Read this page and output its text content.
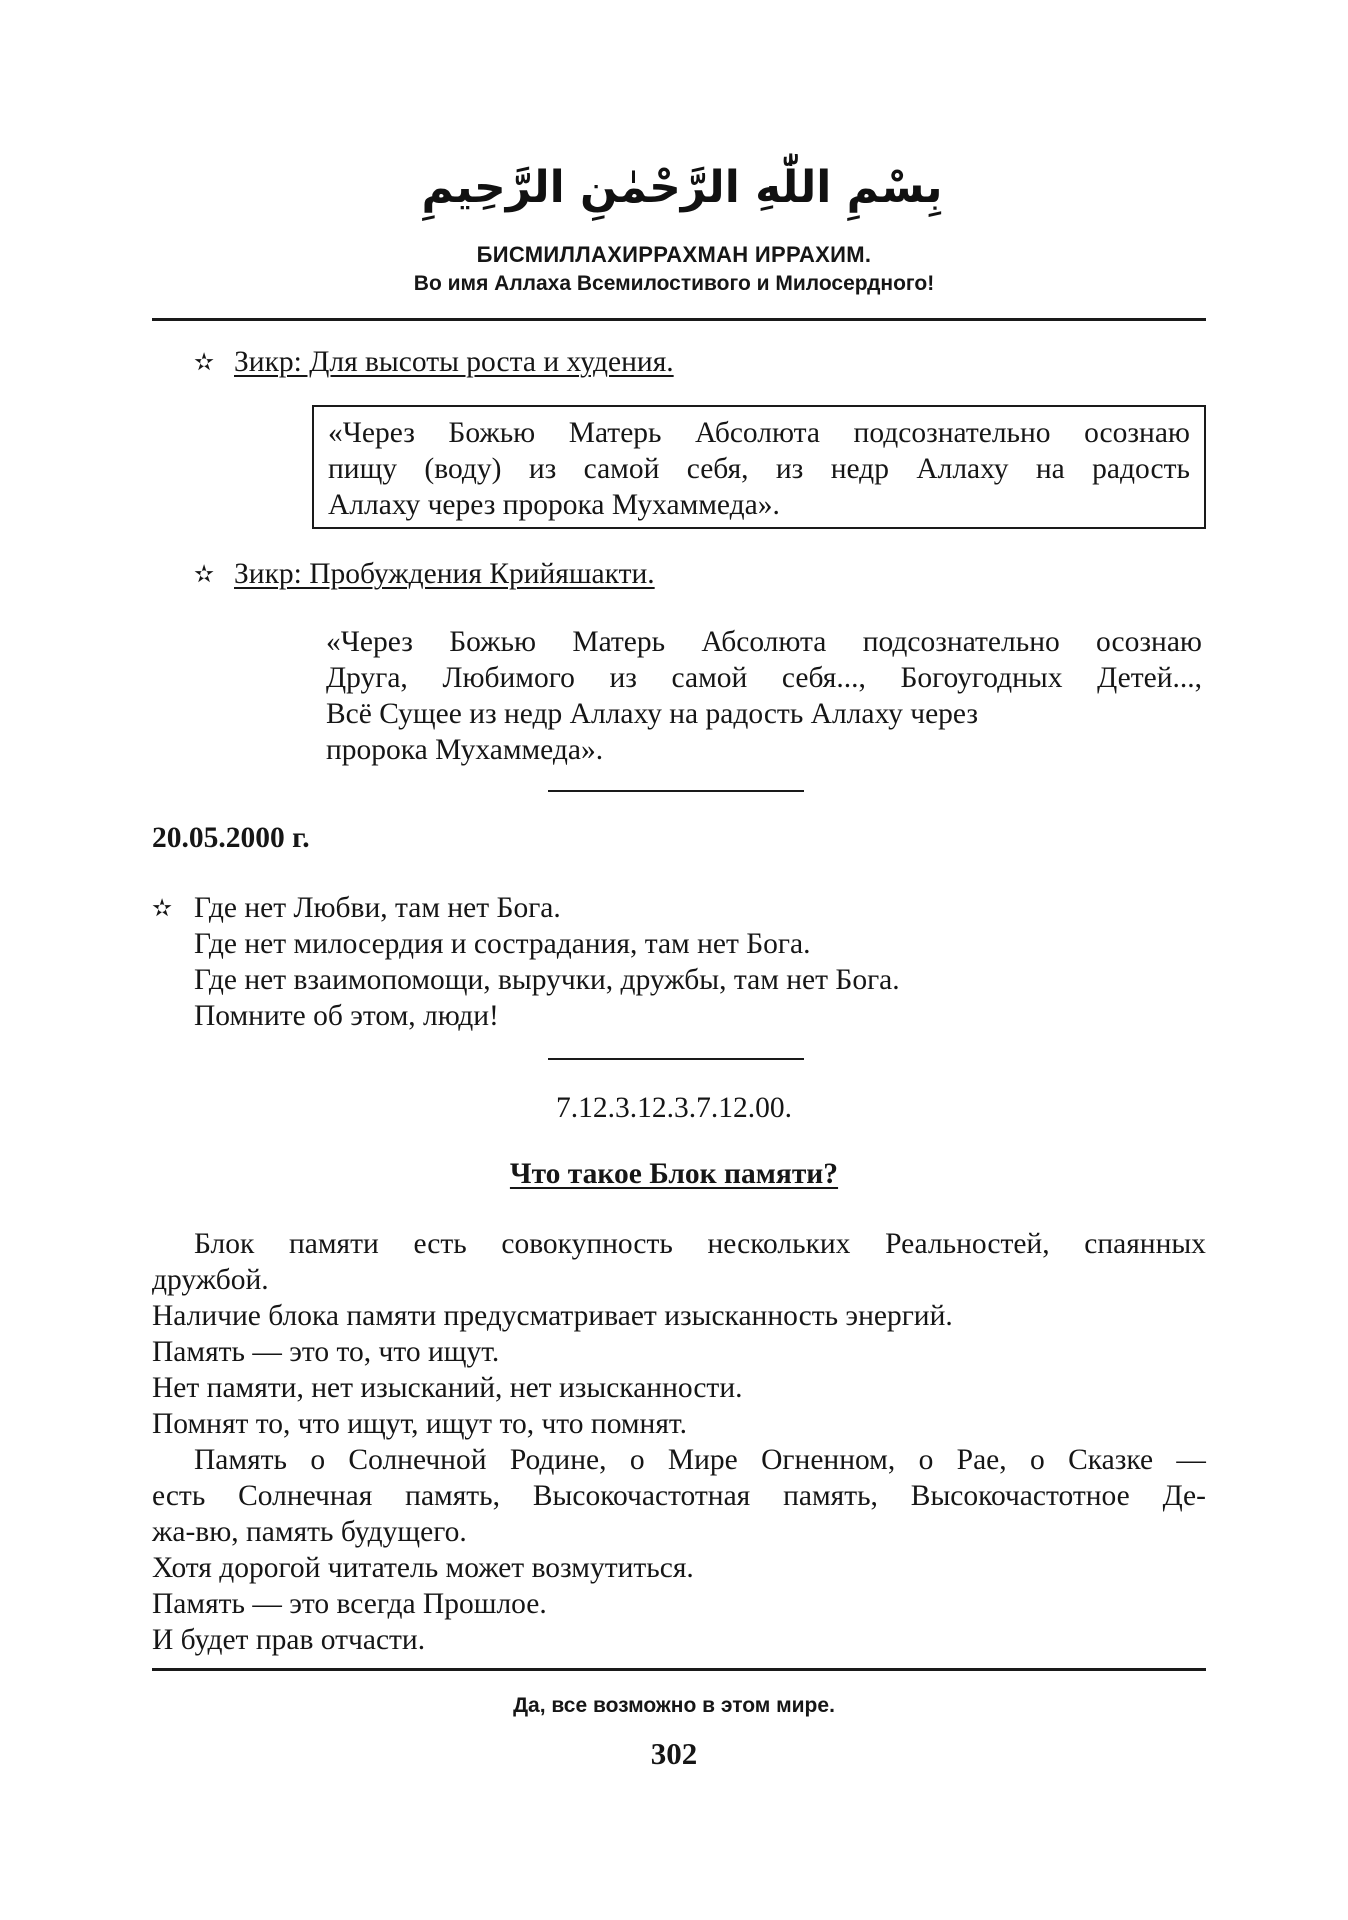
بِسْمِ اللّٰهِ الرَّحْمٰنِ الرَّحِيمِ
БИСМИЛЛАХИРРАХМАН ИРРАХИМ.
Во имя Аллаха Всемилостивого и Милосердного!
✫ Зикр: Для высоты роста и худения.
«Через Божью Матерь Абсолюта подсознательно осознаю
пищу (воду) из самой себя, из недр Аллаху на радость
Аллаху через пророка Мухаммеда».
✫ Зикр: Пробуждения Крийяшакти.
«Через Божью Матерь Абсолюта подсознательно осознаю
Друга, Любимого из самой себя..., Богоугодных Детей...,
Всё Сущее из недр Аллаху на радость Аллаху через
пророка Мухаммеда».
20.05.2000 г.
✫ Где нет Любви, там нет Бога.
Где нет милосердия и сострадания, там нет Бога.
Где нет взаимопомощи, выручки, дружбы, там нет Бога.
Помните об этом, люди!
7.12.3.12.3.7.12.00.
Что такое Блок памяти?
Блок памяти есть совокупность нескольких Реальностей, спаянных
дружбой.
Наличие блока памяти предусматривает изысканность энергий.
Память — это то, что ищут.
Нет памяти, нет изысканий, нет изысканности.
Помнят то, что ищут, ищут то, что помнят.
Память о Солнечной Родине, о Мире Огненном, о Рае, о Сказке —
есть Солнечная память, Высокочастотная память, Высокочастотное Де-
жа-вю, память будущего.
Хотя дорогой читатель может возмутиться.
Память — это всегда Прошлое.
И будет прав отчасти.
Да, все возможно в этом мире.
302
